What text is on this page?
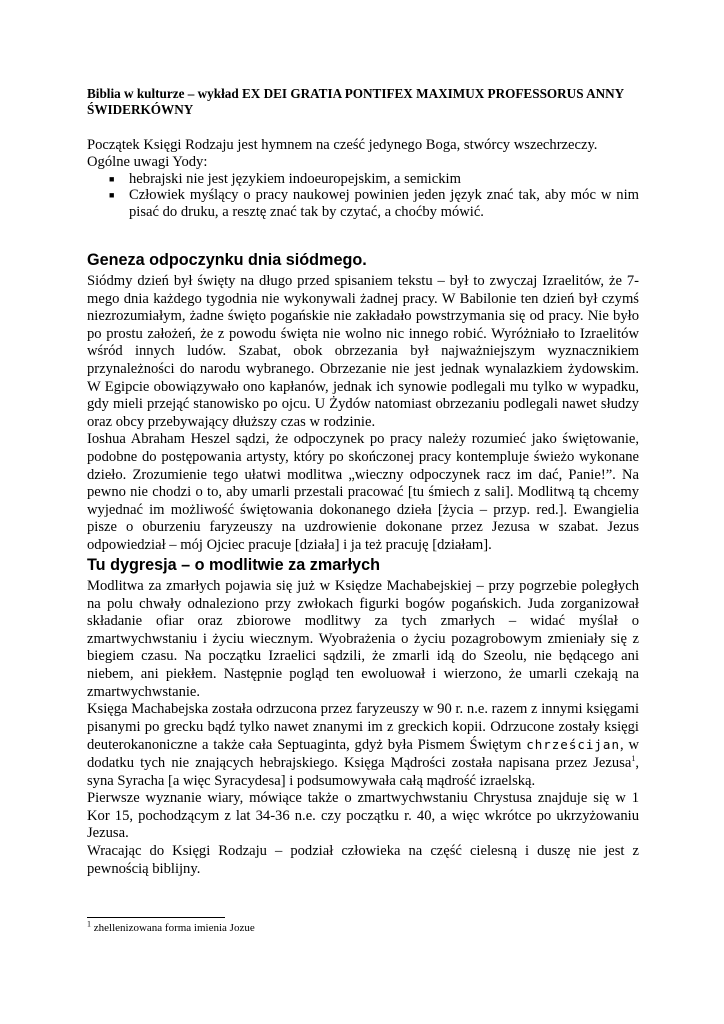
Biblia w kulturze – wykład EX DEI GRATIA PONTIFEX MAXIMUX PROFESSORUS ANNY ŚWIDERKÓWNY

Początek Księgi Rodzaju jest hymnem na cześć jedynego Boga, stwórcy wszechrzeczy.

Ogólne uwagi Yody:

■ hebrajski nie jest językiem indoeuropejskim, a semickim
■ Człowiek myślący o pracy naukowej powinien jeden język znać tak, aby móc w nim pisać do druku, a resztę znać tak by czytać, a choćby mówić.
Geneza odpoczynku dnia siódmego.

Siódmy dzień był święty na długo przed spisaniem tekstu – był to zwyczaj Izraelitów, że 7-mego dnia każdego tygodnia nie wykonywali żadnej pracy. W Babilonie ten dzień był czymś niezrozumiałym, żadne święto pogańskie nie zakładało powstrzymania się od pracy. Nie było po prostu założeń, że z powodu święta nie wolno nic innego robić. Wyróżniało to Izraelitów wśród innych ludów. Szabat, obok obrzezania był najważniejszym wyznacznikiem przynależności do narodu wybranego. Obrzezanie nie jest jednak wynalazkiem żydowskim. W Egipcie obowiązywało ono kapłanów, jednak ich synowie podlegali mu tylko w wypadku, gdy mieli przejąć stanowisko po ojcu. U Żydów natomiast obrzezaniu podlegali nawet słudzy oraz obcy przebywający dłuższy czas w rodzinie.

Ioshua Abraham Heszel sądzi, że odpoczynek po pracy należy rozumieć jako świętowanie, podobne do postępowania artysty, który po skończonej pracy kontempluje świeżo wykonane dzieło. Zrozumienie tego ułatwi modlitwa „wieczny odpoczynek racz im dać, Panie!”. Na pewno nie chodzi o to, aby umarli przestali pracować [tu śmiech z sali]. Modlitwą tą chcemy wyjednać im możliwość świętowania dokonanego dzieła [życia – przyp. red.]. Ewangielia pisze o oburzeniu faryzeuszy na uzdrowienie dokonane przez Jezusa w szabat. Jezus odpowiedział – mój Ojciec pracuje [działa] i ja też pracuję [działam].

Tu dygresja – o modlitwie za zmarłych

Modlitwa za zmarłych pojawia się już w Księdze Machabejskiej – przy pogrzebie poległych na polu chwały odnaleziono przy zwłokach figurki bogów pogańskich. Juda zorganizował składanie ofiar oraz zbiorowe modlitwy za tych zmarłych – widać myślał o zmartwychwstaniu i życiu wiecznym. Wyobrażenia o życiu pozagrobowym zmieniały się z biegiem czasu. Na początku Izraelici sądzili, że zmarli idą do Szeolu, nie będącego ani niebem, ani piekłem. Następnie pogląd ten ewoluował i wierzono, że umarli czekają na zmartwychwstanie.

Księga Machabejska została odrzucona przez faryzeuszy w 90 r. n.e. razem z innymi księgami pisanymi po grecku bądź tylko nawet znanymi im z greckich kopii. Odrzucone zostały księgi deuterokanoniczne a także cała Septuaginta, gdyż była Pismem Świętym chrześcijan, w dodatku tych nie znających hebrajskiego. Księga Mądrości została napisana przez Jezusa$^1$, syna Syracha [a więc Syracydesa] i podsumowywała całą mądrość izraelską.

Pierwsze wyznanie wiary, mówiące także o zmartwychwstaniu Chrystusa znajduje się w 1 Kor 15, pochodzącym z lat 34-36 n.e. czy początku r. 40, a więc wkrótce po ukrzyżowaniu Jezusa.

Wracając do Księgi Rodzaju – podział człowieka na część cielesną i duszę nie jest z pewnością biblijny.

$^1$ zhellenizowana forma imienia Jozue
